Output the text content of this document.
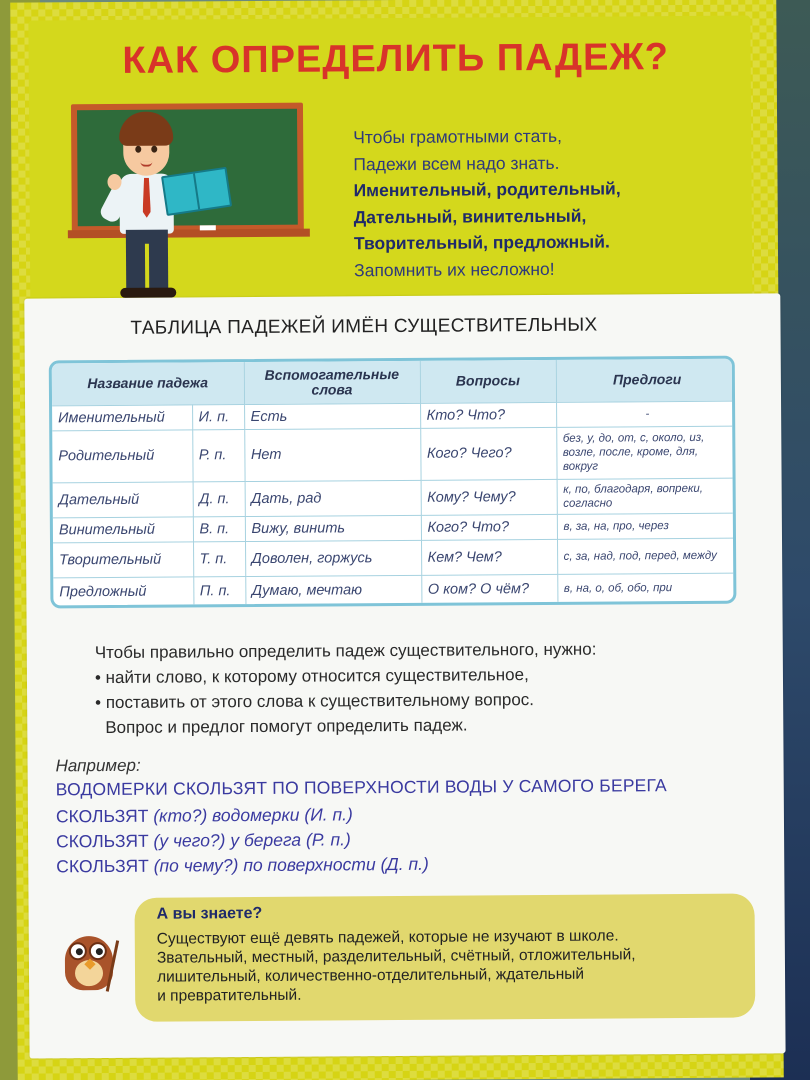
КАК ОПРЕДЕЛИТЬ ПАДЕЖ?
Чтобы грамотными стать,
Падежи всем надо знать.
Именительный, родительный,
Дательный, винительный,
Творительный, предложный.
Запомнить их несложно!
ТАБЛИЦА ПАДЕЖЕЙ ИМЁН СУЩЕСТВИТЕЛЬНЫХ
Название падежа		Вспомогательные слова	Вопросы	Предлоги
Именительный	И. п.	Есть	Кто? Что?	-
Родительный	Р. п.	Нет	Кого? Чего?	без, у, до, от, с, около, из, возле, после, кроме, для, вокруг
Дательный	Д. п.	Дать, рад	Кому? Чему?	к, по, благодаря, вопреки, согласно
Винительный	В. п.	Вижу, винить	Кого? Что?	в, за, на, про, через
Творительный	Т. п.	Доволен, горжусь	Кем? Чем?	с, за, над, под, перед, между
Предложный	П. п.	Думаю, мечтаю	О ком? О чём?	в, на, о, об, обо, при
Чтобы правильно определить падеж существительного, нужно:
• найти слово, к которому относится существительное,
• поставить от этого слова к существительному вопрос.
Вопрос и предлог помогут определить падеж.
Например:
ВОДОМЕРКИ СКОЛЬЗЯТ ПО ПОВЕРХНОСТИ ВОДЫ У САМОГО БЕРЕГА
СКОЛЬЗЯТ (кто?) водомерки (И. п.)
СКОЛЬЗЯТ (у чего?) у берега (Р. п.)
СКОЛЬЗЯТ (по чему?) по поверхности (Д. п.)
А вы знаете?
Существуют ещё девять падежей, которые не изучают в школе.
Звательный, местный, разделительный, счётный, отложительный,
лишительный, количественно-отделительный, ждательный
и превратительный.
